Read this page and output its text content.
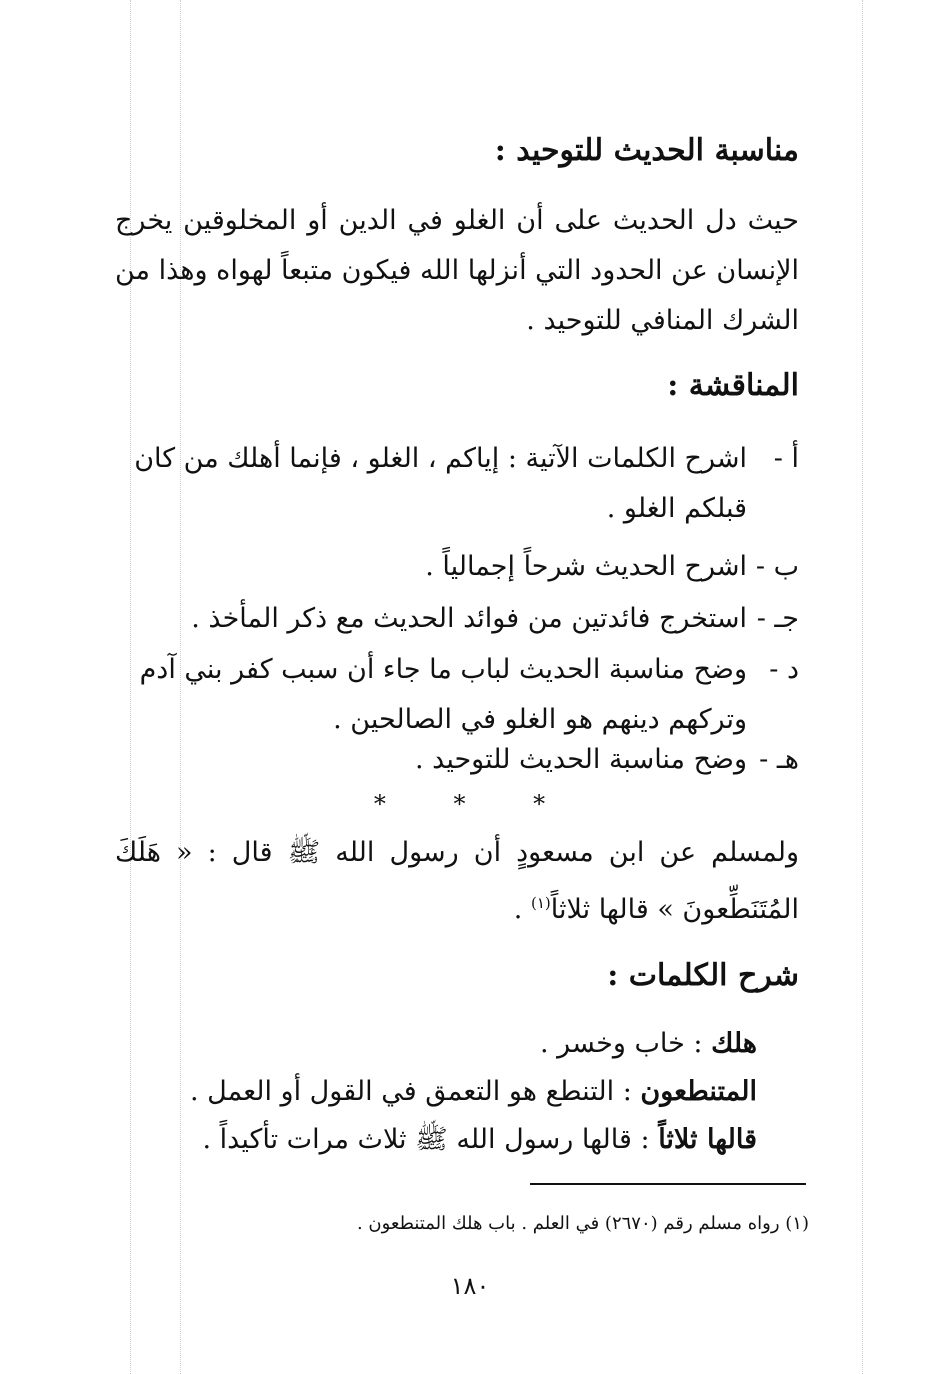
مناسبة الحديث للتوحيد :
حيث دل الحديث على أن الغلو في الدين أو المخلوقين يخرج الإنسان عن الحدود التي أنزلها الله فيكون متبعاً لهواه وهذا من الشرك المنافي للتوحيد .
المناقشة :
أ -
اشرح الكلمات الآتية : إياكم ، الغلو ، فإنما أهلك من كان قبلكم الغلو .
ب -
اشرح الحديث شرحاً إجمالياً .
جـ -
استخرج فائدتين من فوائد الحديث مع ذكر المأخذ .
د -
وضح مناسبة الحديث لباب ما جاء أن سبب كفر بني آدم وتركهم دينهم هو الغلو في الصالحين .
هـ -
وضح مناسبة الحديث للتوحيد .
* * *
ولمسلم عن ابن مسعودٍ أن رسول الله ﷺ قال : « هَلَكَ المُتَنَطِّعونَ » قالها ثلاثاً$^{(١)}$ .
شرح الكلمات :
هلك : خاب وخسر .
المتنطعون : التنطع هو التعمق في القول أو العمل .
قالها ثلاثاً : قالها رسول الله ﷺ ثلاث مرات تأكيداً .
(١) رواه مسلم رقم (٢٦٧٠) في العلم . باب هلك المتنطعون .
١٨٠
